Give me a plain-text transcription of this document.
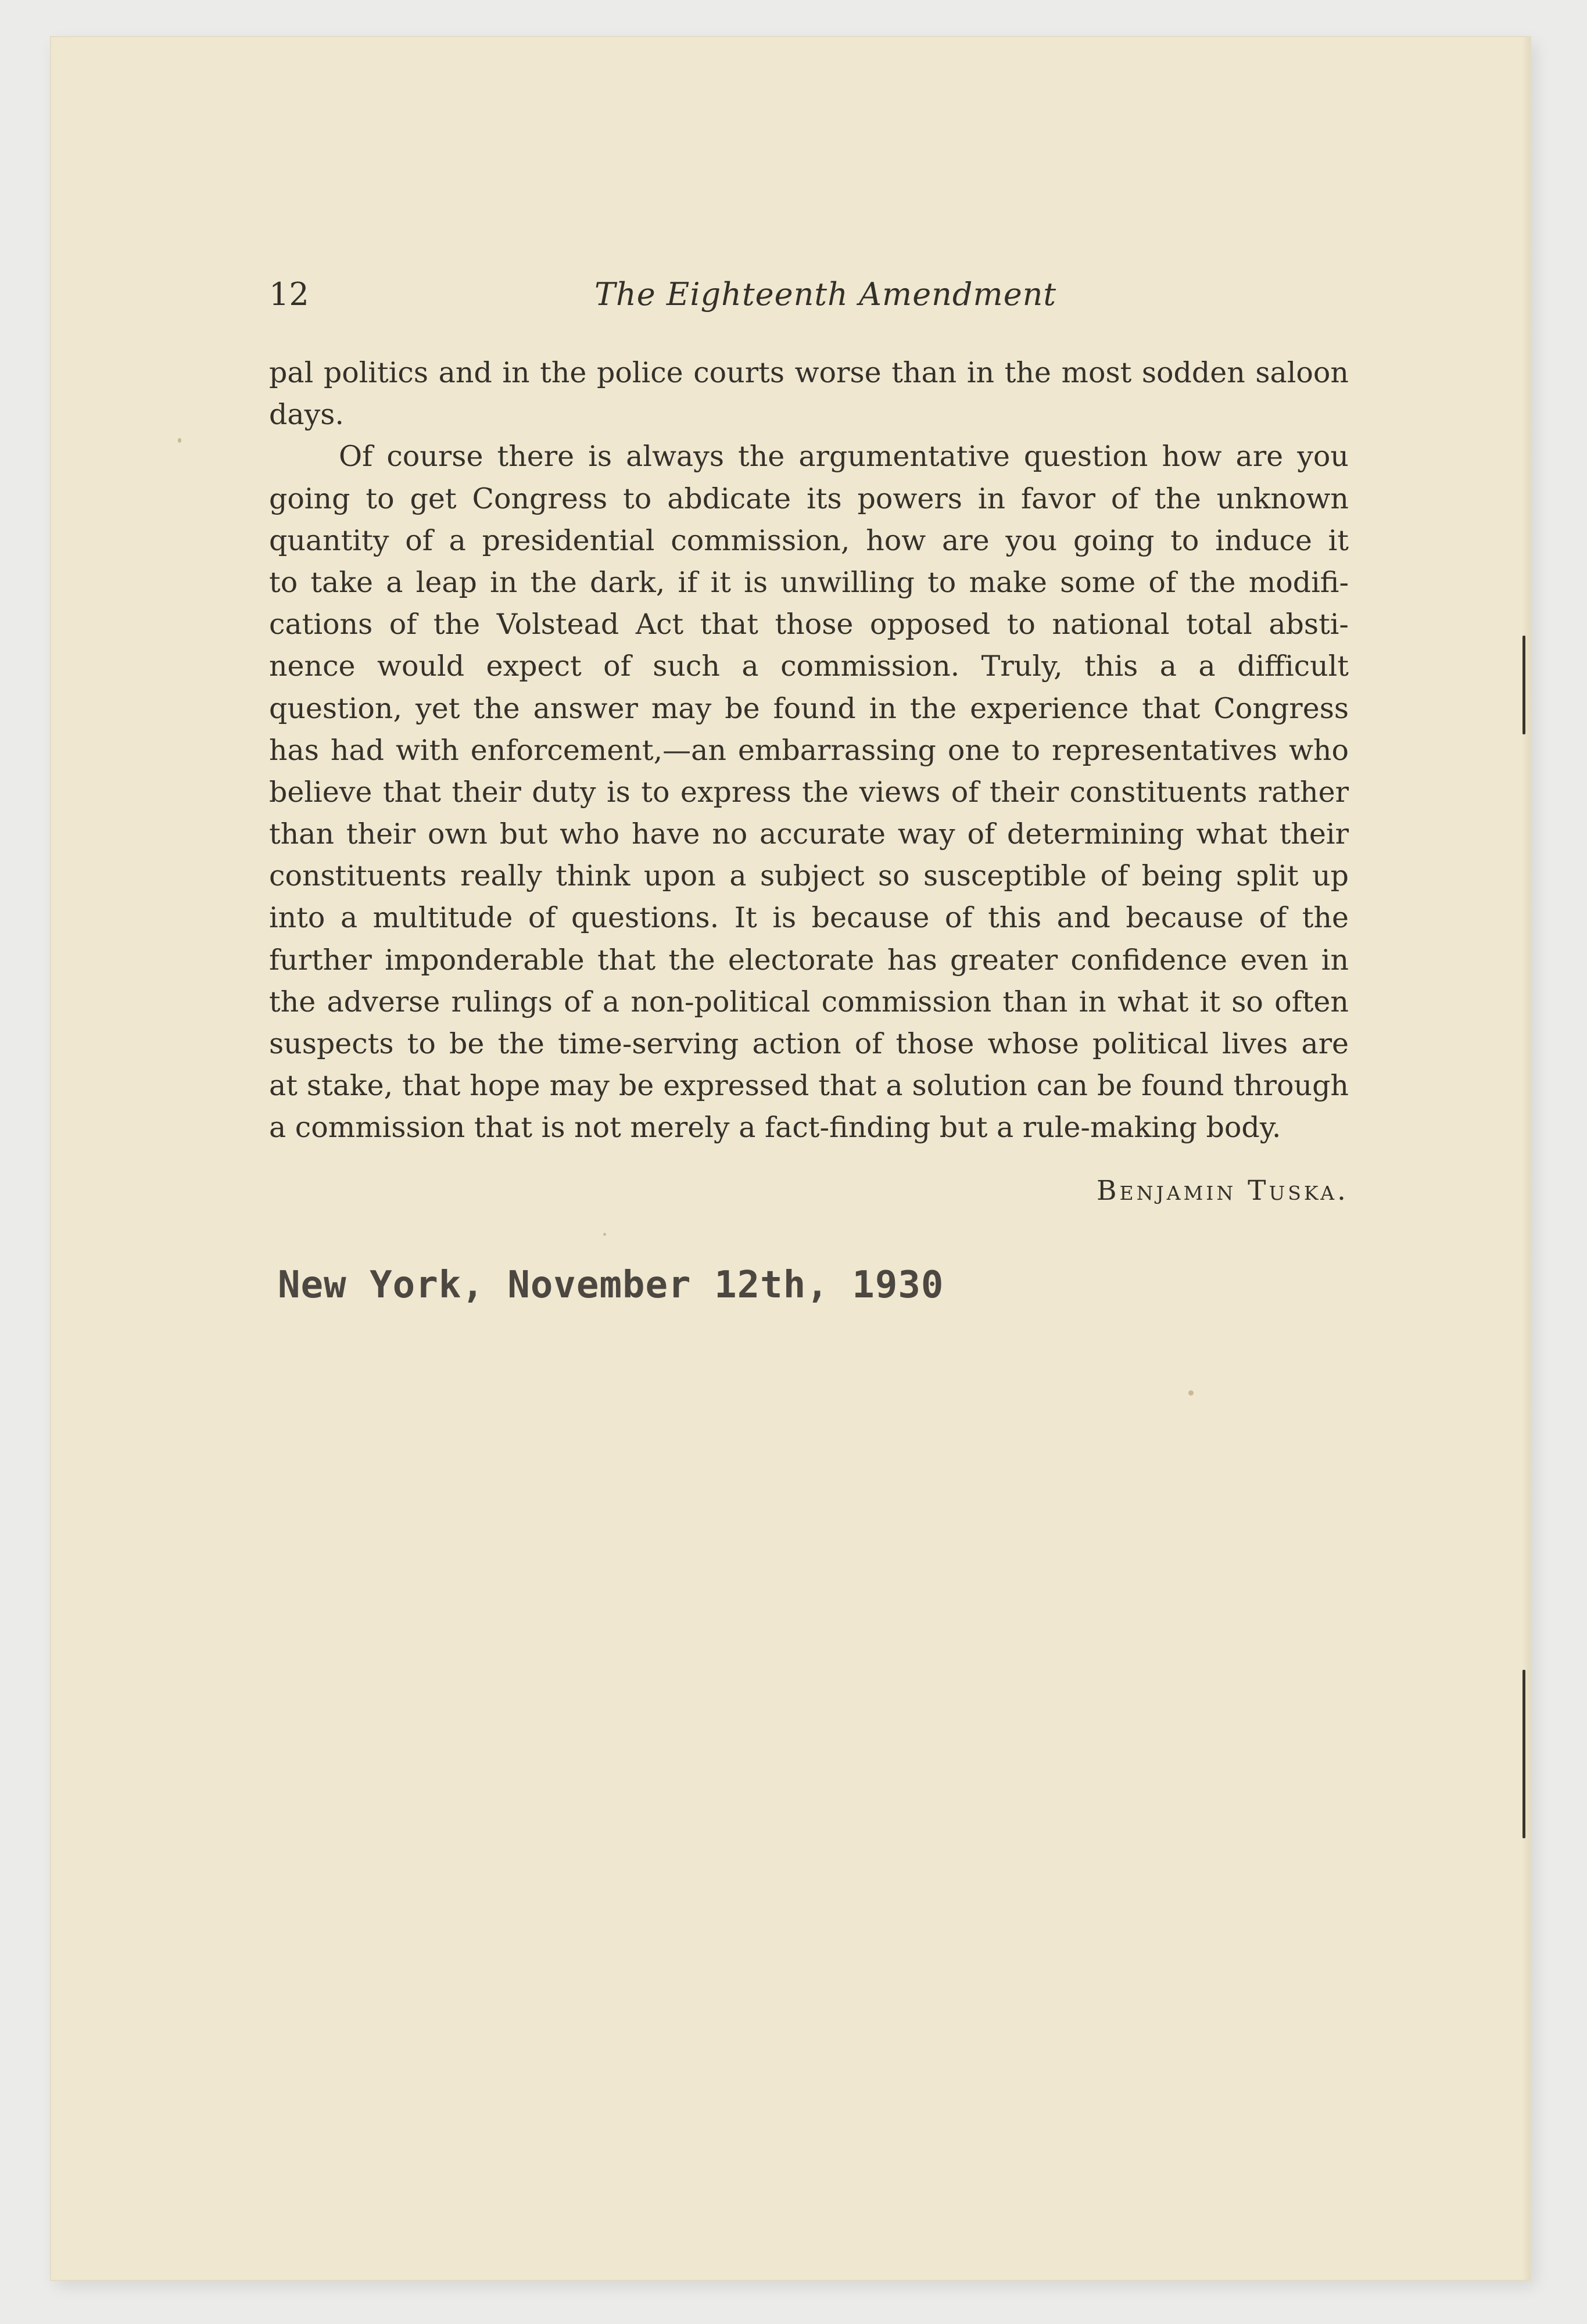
12	The Eighteenth Amendment
pal politics and in the police courts worse than in the most sodden saloon
days.
Of course there is always the argumentative question how are you
going to get Congress to abdicate its powers in favor of the unknown
quantity of a presidential commission, how are you going to induce it
to take a leap in the dark, if it is unwilling to make some of the modifi-
cations of the Volstead Act that those opposed to national total absti-
nence would expect of such a commission. Truly, this a a difficult
question, yet the answer may be found in the experience that Congress
has had with enforcement,—an embarrassing one to representatives who
believe that their duty is to express the views of their constituents rather
than their own but who have no accurate way of determining what their
constituents really think upon a subject so susceptible of being split up
into a multitude of questions. It is because of this and because of the
further imponderable that the electorate has greater confidence even in
the adverse rulings of a non-political commission than in what it so often
suspects to be the time-serving action of those whose political lives are
at stake, that hope may be expressed that a solution can be found through
a commission that is not merely a fact-finding but a rule-making body.
Benjamin Tuska.
New York, November 12th, 1930
